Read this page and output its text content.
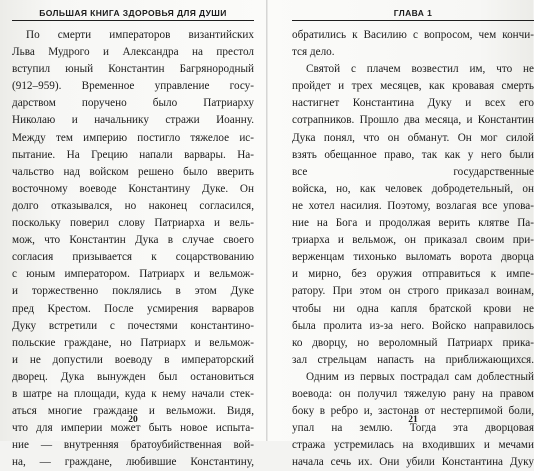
БОЛЬШАЯ КНИГА ЗДОРОВЬЯ ДЛЯ ДУШИ
По смерти императоров византийских
Льва Мудрого и Александра на престол
вступил юный Константин Багрянородный
(912–959). Временное управление госу-
дарством поручено было Патриарху
Николаю и начальнику стражи Иоанну.
Между тем империю постигло тяжелое ис-
пытание. На Грецию напали варвары. На-
чальство над войском решено было вверить
восточному воеводе Константину Дуке. Он
долго отказывался, но наконец согласился,
поскольку поверил слову Патриарха и вель-
мож, что Константин Дука в случае своего
согласия призывается к соцарствованию
с юным императором. Патриарх и вельмож-
и торжественно поклялись в этом Дуке
пред Крестом. После усмирения варваров
Дуку встретили с почестями константино-
польские граждане, но Патриарх и вельмож-
и не допустили воеводу в императорский
дворец. Дука вынужден был остановиться
в шатре на площади, куда к нему начали стек-
аться многие граждане и вельможи. Видя,
что для империи может быть новое испыта-
ние — внутренняя братоубийственная вой-
на, — граждане, любившие Константину,
20
ГЛАВА 1
обратились к Василию с вопросом, чем кончи-
тся дело.
Святой с плачем возвестил им, что не
пройдет и трех месяцев, как кровавая смерть
настигнет Константина Дуку и всех его
сотрапников. Прошло два месяца, и Константин
Дука понял, что он обманут. Он мог силой
взять обещанное право, так как у него были
все государственные
войска, но, как человек добродетельный, он
не хотел насилия. Поэтому, возлагая все упова-
ние на Бога и продолжая верить клятве Па-
триарха и вельмож, он приказал своим при-
верженцам тихонько выломать ворота дворца
и мирно, без оружия отправиться к импе-
ратору. При этом он строго приказал воинам,
чтобы ни одна капля братской крови не
была пролита из-за него. Войско направилось
ко дворцу, но вероломный Патриарх прика-
зал стрельцам напасть на приближающихся.
Одним из первых пострадал сам доблестный
воевода: он получил тяжелую рану на правом
боку в ребро и, застонав от нестерпимой боли,
упал на землю. Тогда эта дворцовая
стража устремилась на входивших и мечами
начала сечь их. Они убили Константина Дуку
21
